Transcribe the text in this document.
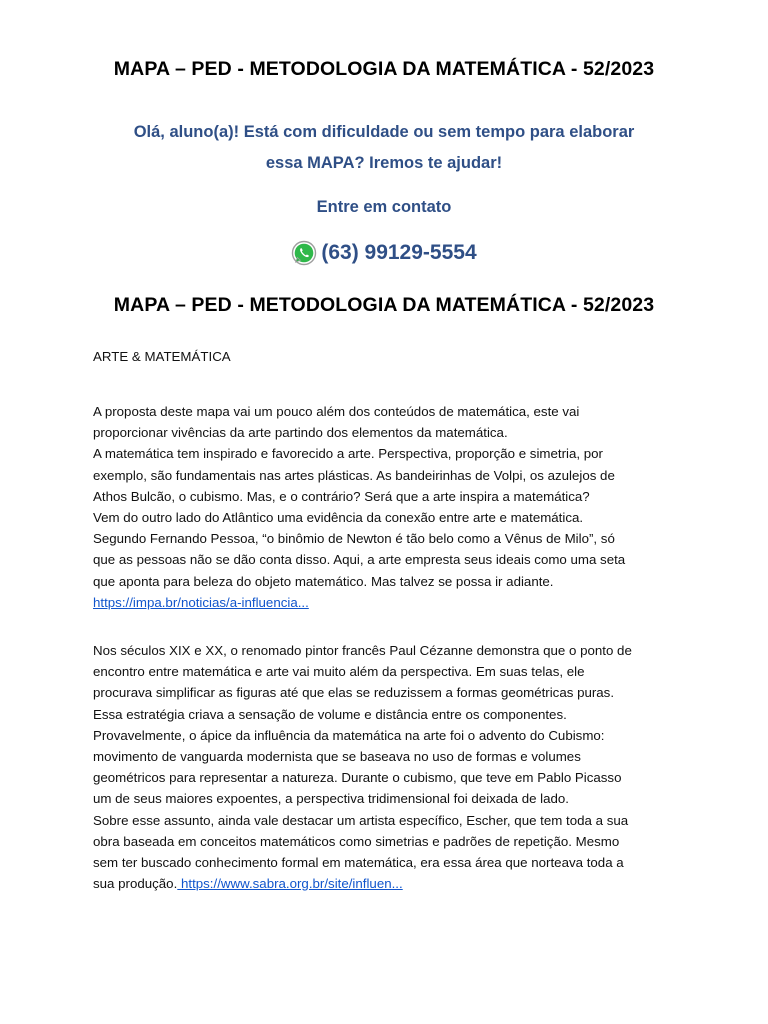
MAPA – PED - METODOLOGIA DA MATEMÁTICA - 52/2023
Olá, aluno(a)! Está com dificuldade ou sem tempo para elaborar
essa MAPA? Iremos te ajudar!
Entre em contato
(63) 99129-5554
MAPA – PED - METODOLOGIA DA MATEMÁTICA - 52/2023
ARTE & MATEMÁTICA
A proposta deste mapa vai um pouco além dos conteúdos de matemática, este vai
proporcionar vivências da arte partindo dos elementos da matemática.
A matemática tem inspirado e favorecido a arte. Perspectiva, proporção e simetria, por
exemplo, são fundamentais nas artes plásticas. As bandeirinhas de Volpi, os azulejos de
Athos Bulcão, o cubismo. Mas, e o contrário? Será que a arte inspira a matemática?
Vem do outro lado do Atlântico uma evidência da conexão entre arte e matemática.
Segundo Fernando Pessoa, “o binômio de Newton é tão belo como a Vênus de Milo”, só
que as pessoas não se dão conta disso. Aqui, a arte empresta seus ideais como uma seta
que aponta para beleza do objeto matemático. Mas talvez se possa ir adiante.
https://impa.br/noticias/a-influencia...
Nos séculos XIX e XX, o renomado pintor francês Paul Cézanne demonstra que o ponto de
encontro entre matemática e arte vai muito além da perspectiva. Em suas telas, ele
procurava simplificar as figuras até que elas se reduzissem a formas geométricas puras.
Essa estratégia criava a sensação de volume e distância entre os componentes.
Provavelmente, o ápice da influência da matemática na arte foi o advento do Cubismo:
movimento de vanguarda modernista que se baseava no uso de formas e volumes
geométricos para representar a natureza. Durante o cubismo, que teve em Pablo Picasso
um de seus maiores expoentes, a perspectiva tridimensional foi deixada de lado.
Sobre esse assunto, ainda vale destacar um artista específico, Escher, que tem toda a sua
obra baseada em conceitos matemáticos como simetrias e padrões de repetição. Mesmo
sem ter buscado conhecimento formal em matemática, era essa área que norteava toda a
sua produção. https://www.sabra.org.br/site/influen...
